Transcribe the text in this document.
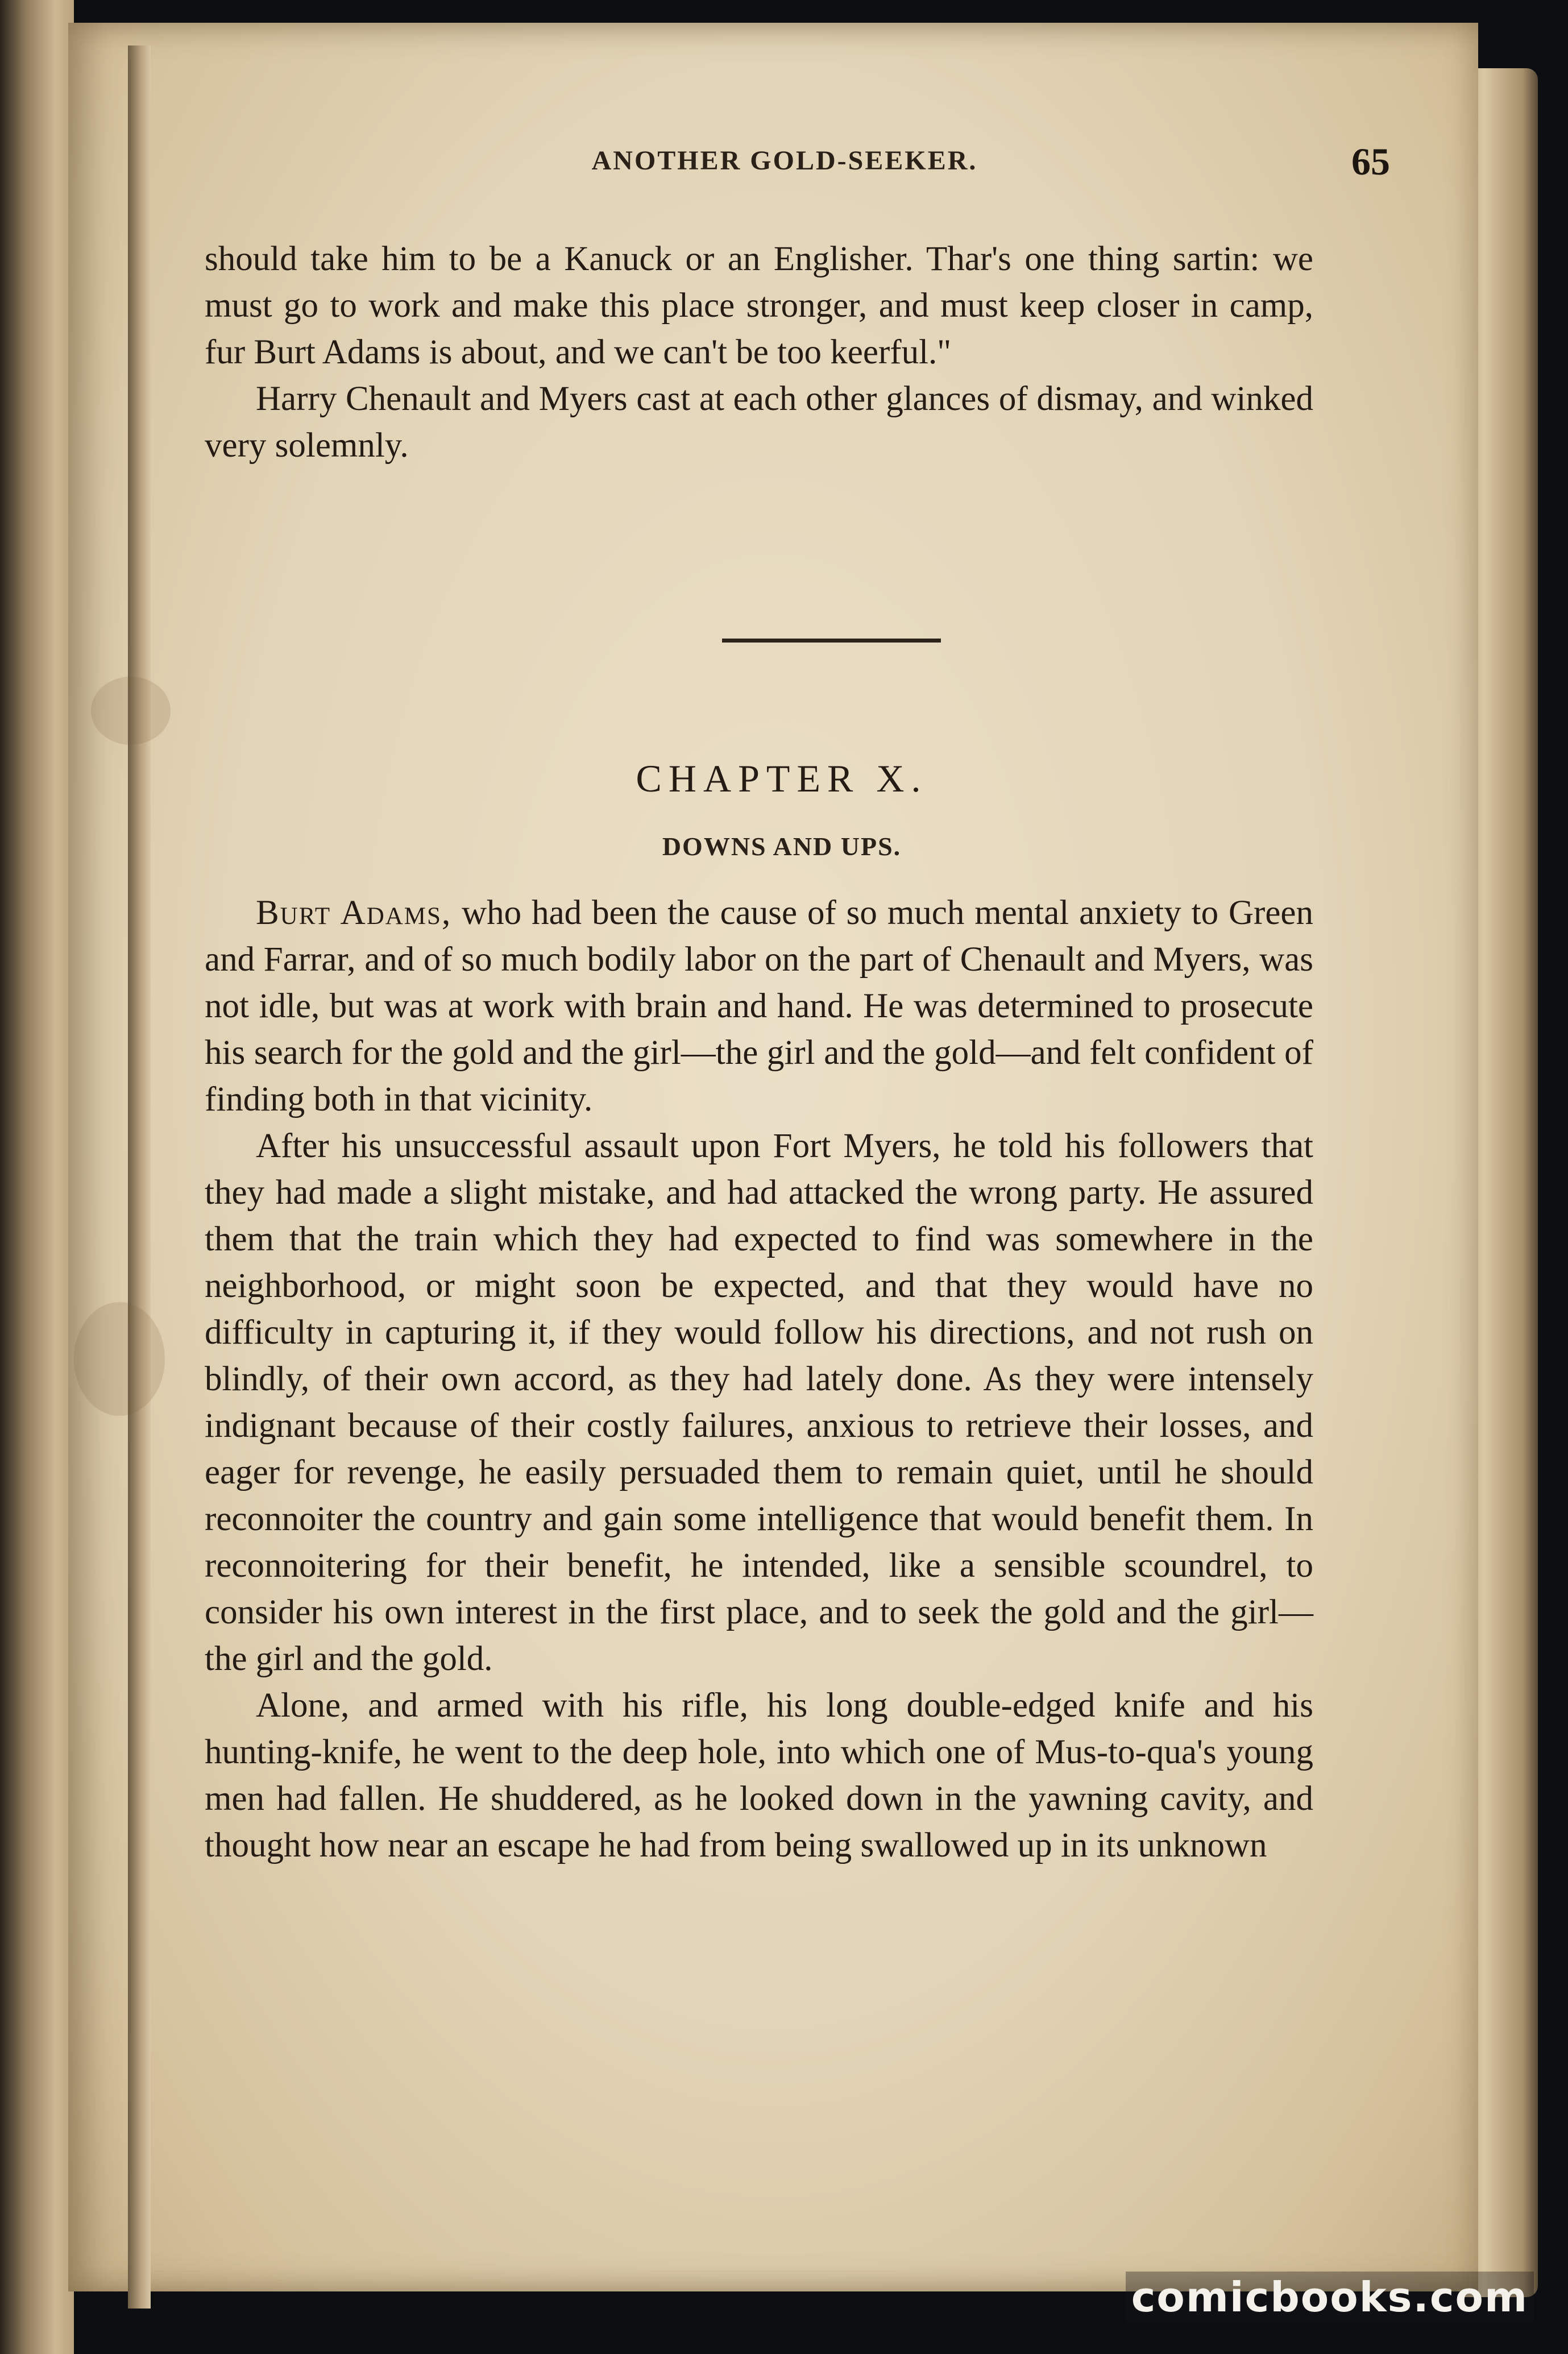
ANOTHER GOLD-SEEKER.	65

should take him to be a Kanuck or an Englisher. Thar's one thing sartin: we must go to work and make this place stronger, and must keep closer in camp, fur Burt Adams is about, and we can't be too keerful."

Harry Chenault and Myers cast at each other glances of dismay, and winked very solemnly.

CHAPTER X.
DOWNS AND UPS.

Burt Adams, who had been the cause of so much mental anxiety to Green and Farrar, and of so much bodily labor on the part of Chenault and Myers, was not idle, but was at work with brain and hand. He was determined to prosecute his search for the gold and the girl—the girl and the gold—and felt confident of finding both in that vicinity.

After his unsuccessful assault upon Fort Myers, he told his followers that they had made a slight mistake, and had attacked the wrong party. He assured them that the train which they had expected to find was somewhere in the neighborhood, or might soon be expected, and that they would have no difficulty in capturing it, if they would follow his directions, and not rush on blindly, of their own accord, as they had lately done. As they were intensely indignant because of their costly failures, anxious to retrieve their losses, and eager for revenge, he easily persuaded them to remain quiet, until he should reconnoiter the country and gain some intelligence that would benefit them. In reconnoitering for their benefit, he intended, like a sensible scoundrel, to consider his own interest in the first place, and to seek the gold and the girl—the girl and the gold.

Alone, and armed with his rifle, his long double-edged knife and his hunting-knife, he went to the deep hole, into which one of Mus-to-qua's young men had fallen. He shuddered, as he looked down in the yawning cavity, and thought how near an escape he had from being swallowed up in its unknown

comicbooks.com
